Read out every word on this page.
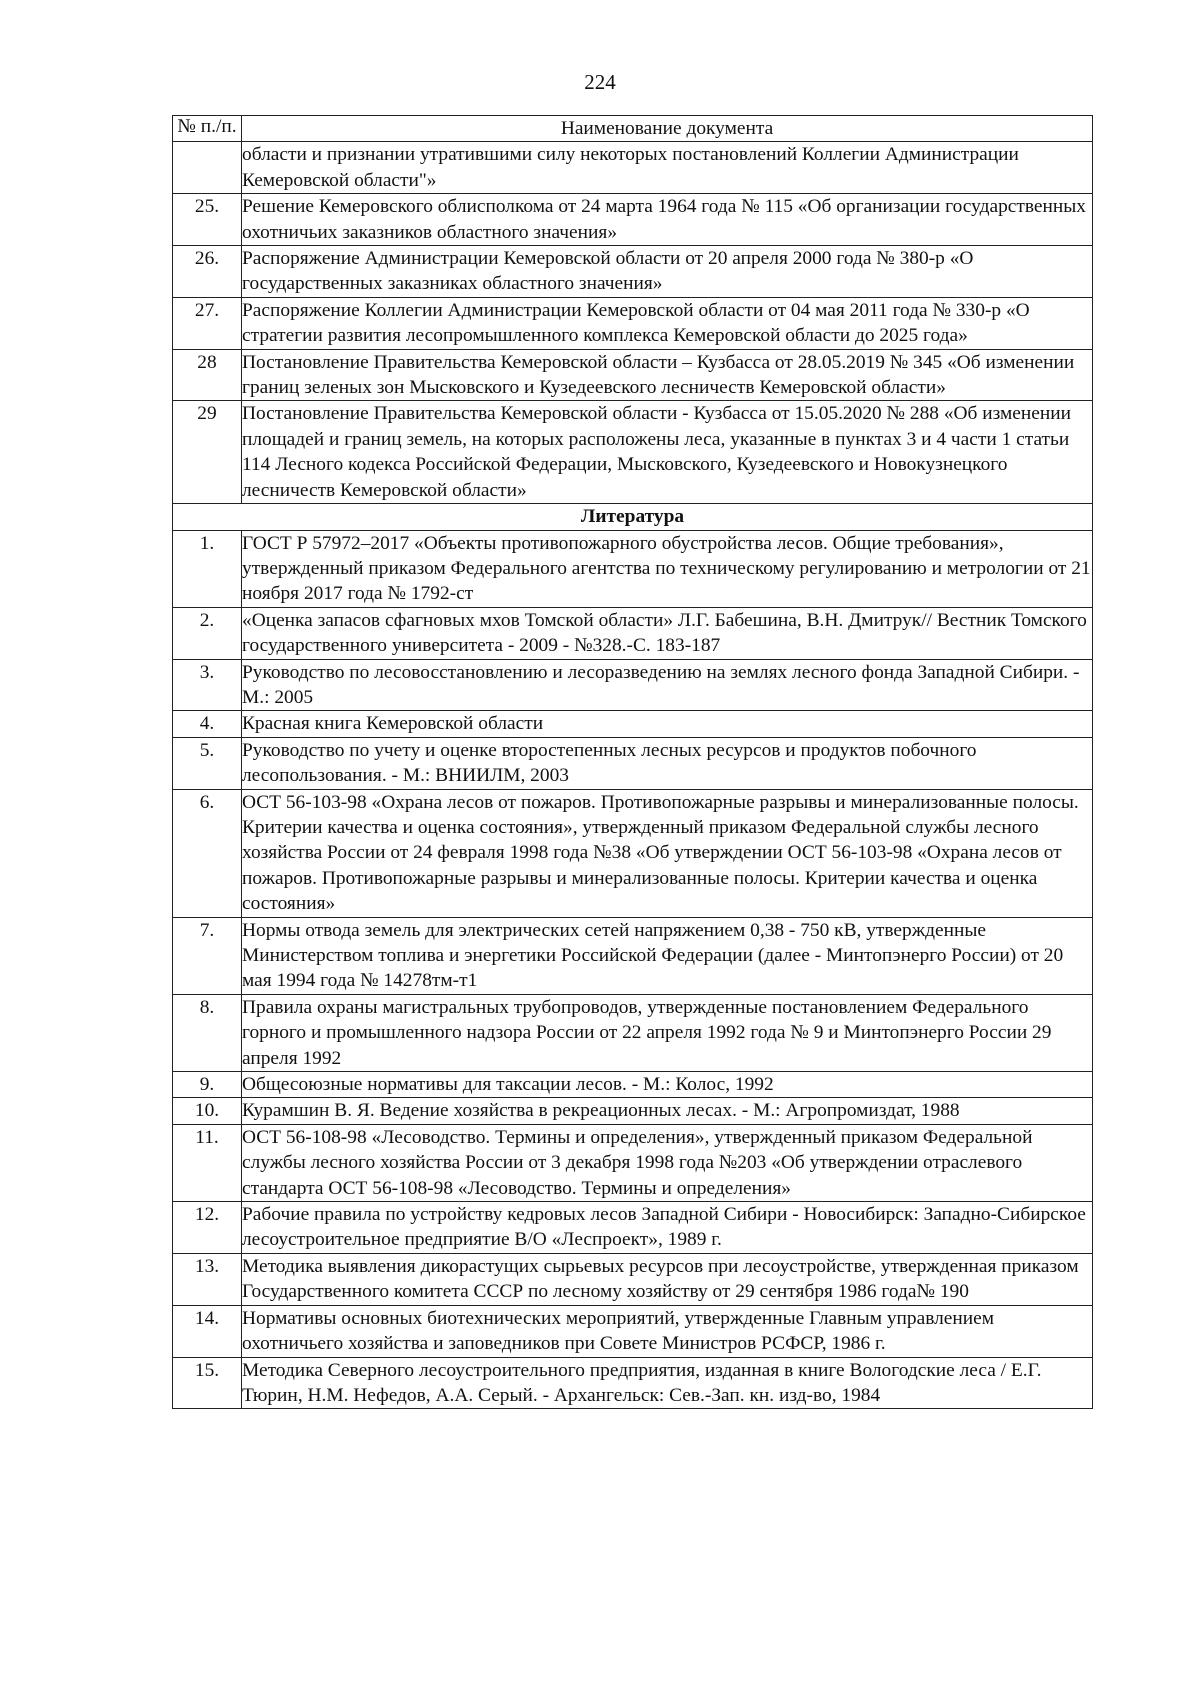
224
№ п./п.	Наименование документа
	области и признании утратившими силу некоторых постановлений Коллегии Администрации Кемеровской области"»
25.	Решение Кемеровского облисполкома от 24 марта 1964 года № 115 «Об организации государственных охотничьих заказников областного значения»
26.	Распоряжение Администрации Кемеровской области от 20 апреля 2000 года № 380-р «О государственных заказниках областного значения»
27.	Распоряжение Коллегии Администрации Кемеровской области от 04 мая 2011 года № 330-р «О стратегии развития лесопромышленного комплекса Кемеровской области до 2025 года»
28	Постановление Правительства Кемеровской области – Кузбасса от 28.05.2019 № 345 «Об изменении границ зеленых зон Мысковского и Кузедеевского лесничеств Кемеровской области»
29	Постановление Правительства Кемеровской области - Кузбасса от 15.05.2020 № 288 «Об изменении площадей и границ земель, на которых расположены леса, указанные в пунктах 3 и 4 части 1 статьи 114 Лесного кодекса Российской Федерации, Мысковского, Кузедеевского и Новокузнецкого лесничеств Кемеровской области»
Литература	
1.	ГОСТ Р 57972–2017 «Объекты противопожарного обустройства лесов. Общие требования», утвержденный приказом Федерального агентства по техническому регулированию и метрологии от 21 ноября 2017 года № 1792-ст
2.	«Оценка запасов сфагновых мхов Томской области» Л.Г. Бабешина, В.Н. Дмитрук// Вестник Томского государственного университета - 2009 - №328.-С. 183-187
3.	Руководство по лесовосстановлению и лесоразведению на землях лесного фонда Западной Сибири. - М.: 2005
4.	Красная книга Кемеровской области
5.	Руководство по учету и оценке второстепенных лесных ресурсов и продуктов побочного лесопользования. - М.: ВНИИЛМ, 2003
6.	ОСТ 56-103-98 «Охрана лесов от пожаров. Противопожарные разрывы и минерализованные полосы. Критерии качества и оценка состояния», утвержденный приказом Федеральной службы лесного хозяйства России от 24 февраля 1998 года №38 «Об утверждении ОСТ 56-103-98 «Охрана лесов от пожаров. Противопожарные разрывы и минерализованные полосы. Критерии качества и оценка состояния»
7.	Нормы отвода земель для электрических сетей напряжением 0,38 - 750 кВ, утвержденные Министерством топлива и энергетики Российской Федерации (далее - Минтопэнерго России) от 20 мая 1994 года № 14278тм-т1
8.	Правила охраны магистральных трубопроводов, утвержденные постановлением Федерального горного и промышленного надзора России от 22 апреля 1992 года № 9 и Минтопэнерго России 29 апреля 1992
9.	Общесоюзные нормативы для таксации лесов. - М.: Колос, 1992
10.	Курамшин В. Я. Ведение хозяйства в рекреационных лесах. - М.: Агропромиздат, 1988
11.	ОСТ 56-108-98 «Лесоводство. Термины и определения», утвержденный приказом Федеральной службы лесного хозяйства России от 3 декабря 1998 года №203 «Об утверждении отраслевого стандарта ОСТ 56-108-98 «Лесоводство. Термины и определения»
12.	Рабочие правила по устройству кедровых лесов Западной Сибири - Новосибирск: Западно-Сибирское лесоустроительное предприятие В/О «Леспроект», 1989 г.
13.	Методика выявления дикорастущих сырьевых ресурсов при лесоустройстве, утвержденная приказом Государственного комитета СССР по лесному хозяйству от 29 сентября 1986 года№ 190
14.	Нормативы основных биотехнических мероприятий, утвержденные Главным управлением охотничьего хозяйства и заповедников при Совете Министров РСФСР, 1986 г.
15.	Методика Северного лесоустроительного предприятия, изданная в книге Вологодские леса / Е.Г. Тюрин, Н.М. Нефедов, А.А. Серый. - Архангельск: Сев.-Зап. кн. изд-во, 1984
